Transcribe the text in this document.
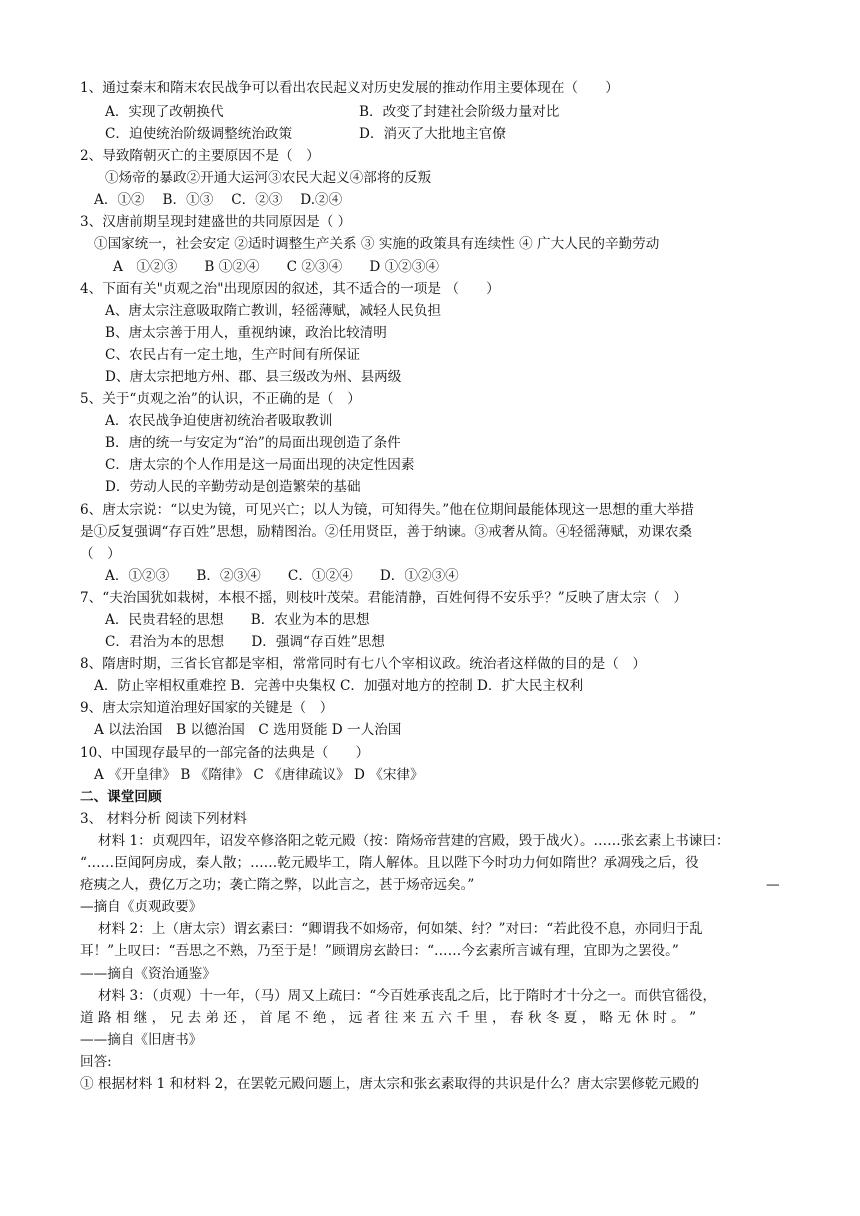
1、通过秦末和隋末农民战争可以看出农民起义对历史发展的推动作用主要体现在（　　）
A．实现了改朝换代	B．改变了封建社会阶级力量对比
C．迫使统治阶级调整统治政策	D．消灭了大批地主官僚
2、导致隋朝灭亡的主要原因不是（　）
①炀帝的暴政②开通大运河③农民大起义④部将的反叛
A．①②　 B．①③　 C．②③　 D.②④
3、汉唐前期呈现封建盛世的共同原因是（ ）
①国家统一，社会安定 ②适时调整生产关系 ③ 实施的政策具有连续性 ④ 广大人民的辛勤劳动
A　①②③　　B ①②④　　C ②③④　　D ①②③④
4、下面有关"贞观之治"出现原因的叙述，其不适合的一项是 （　　）
A、唐太宗注意吸取隋亡教训，轻徭薄赋，减轻人民负担
B、唐太宗善于用人，重视纳谏，政治比较清明
C、农民占有一定土地，生产时间有所保证
D、唐太宗把地方州、郡、县三级改为州、县两级
5、关于“贞观之治”的认识，不正确的是（　）
A．农民战争迫使唐初统治者吸取教训
B．唐的统一与安定为“治”的局面出现创造了条件
C．唐太宗的个人作用是这一局面出现的决定性因素
D．劳动人民的辛勤劳动是创造繁荣的基础
6、唐太宗说：“以史为镜，可见兴亡；以人为镜，可知得失。”他在位期间最能体现这一思想的重大举措
是①反复强调“存百姓”思想，励精图治。②任用贤臣，善于纳谏。③戒奢从简。④轻徭薄赋，劝课农桑
（　）
A．①②③　　B．②③④　　C．①②④　　D．①②③④
7、“夫治国犹如栽树，本根不摇，则枝叶茂荣。君能清静，百姓何得不安乐乎？”反映了唐太宗（　）
A．民贵君轻的思想　　B．农业为本的思想
C．君治为本的思想　　D．强调“存百姓”思想
8、隋唐时期，三省长官都是宰相，常常同时有七八个宰相议政。统治者这样做的目的是（　）
A．防止宰相权重难控 B．完善中央集权 C．加强对地方的控制 D．扩大民主权利
9、唐太宗知道治理好国家的关键是（　）
A 以法治国　B 以德治国　C 选用贤能 D 一人治国
10、中国现存最早的一部完备的法典是（　　）
A 《开皇律》 B 《隋律》 C 《唐律疏议》 D 《宋律》
二、课堂回顾
3、 材料分析 阅读下列材料
材料 1：贞观四年，诏发卒修洛阳之乾元殿（按：隋炀帝营建的宫殿，毁于战火）。……张玄素上书谏曰：
“……臣闻阿房成，秦人散；……乾元殿毕工，隋人解体。且以陛下今时功力何如隋世？承凋残之后，役
疮痍之人，费亿万之功；袭亡隋之弊，以此言之，甚于炀帝远矣。”	—
—摘自《贞观政要》
材料 2：上（唐太宗）谓玄素曰：“卿谓我不如炀帝，何如桀、纣？”对曰：“若此役不息，亦同归于乱
耳！”上叹曰：“吾思之不熟，乃至于是！”顾谓房玄龄曰：“……今玄素所言诚有理，宜即为之罢役。”
——摘自《资治通鉴》
材料 3：（贞观）十一年，（马）周又上疏曰：“今百姓承丧乱之后，比于隋时才十分之一。而供官徭役，
道 路 相 继 ， 兄 去 弟 还 ， 首 尾 不 绝 ， 远 者 往 来 五 六 千 里 ， 春 秋 冬 夏 ， 略 无 休 时 。 ”
——摘自《旧唐书》
回答:
① 根据材料 1 和材料 2，在罢乾元殿问题上，唐太宗和张玄素取得的共识是什么？唐太宗罢修乾元殿的
